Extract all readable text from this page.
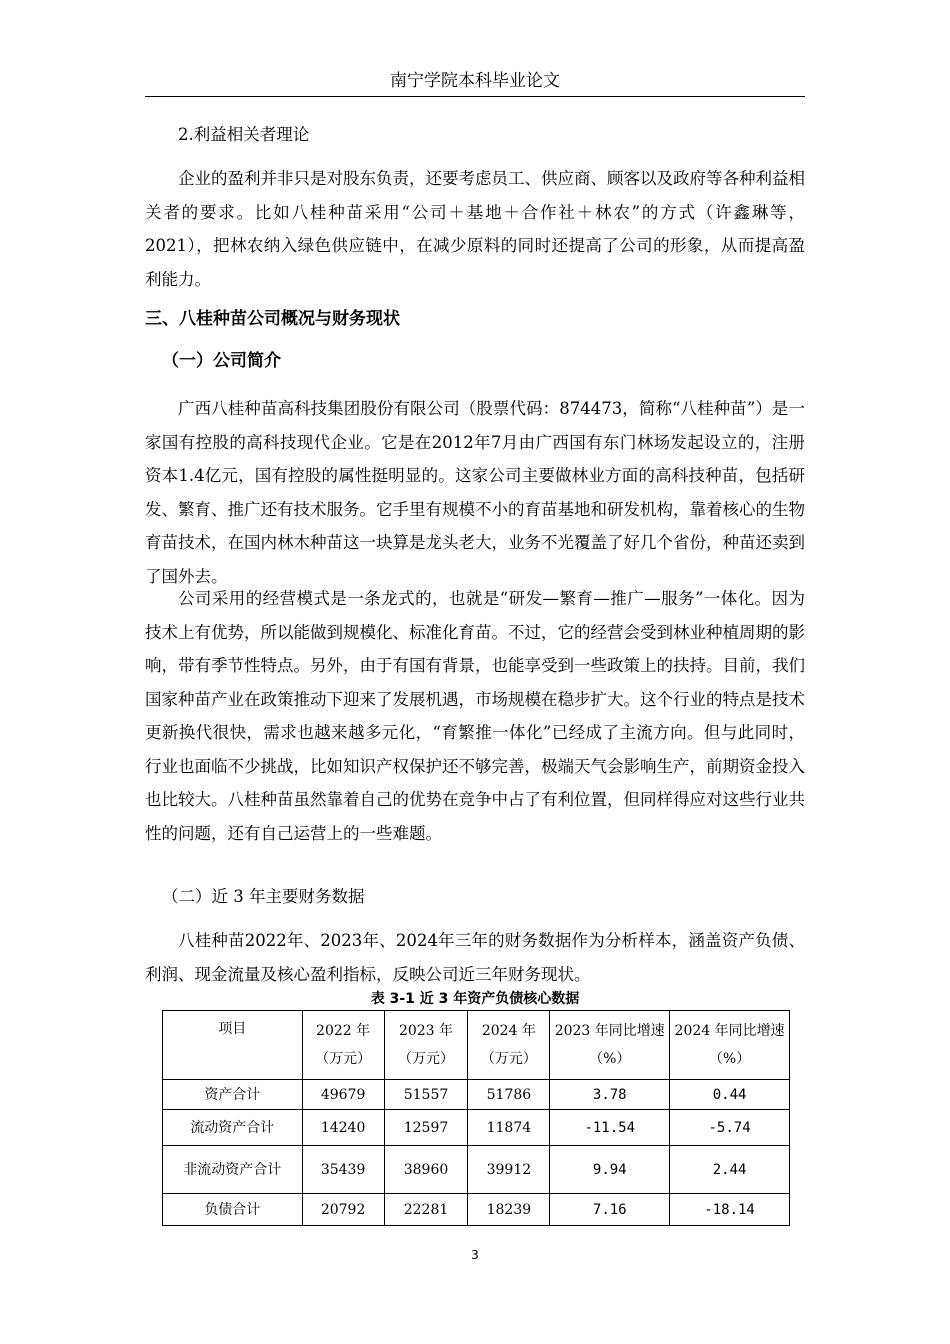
南宁学院本科毕业论文

2.利益相关者理论

企业的盈利并非只是对股东负责，还要考虑员工、供应商、顾客以及政府等各种利益相关者的要求。比如八桂种苗采用“公司＋基地＋合作社＋林农”的方式（许鑫琳等，2021），把林农纳入绿色供应链中，在减少原料的同时还提高了公司的形象，从而提高盈利能力。

三、八桂种苗公司概况与财务现状

（一）公司简介

广西八桂种苗高科技集团股份有限公司（股票代码：874473，简称“八桂种苗”）是一家国有控股的高科技现代企业。它是在2012年7月由广西国有东门林场发起设立的，注册资本1.4亿元，国有控股的属性挺明显的。这家公司主要做林业方面的高科技种苗，包括研发、繁育、推广还有技术服务。它手里有规模不小的育苗基地和研发机构，靠着核心的生物育苗技术，在国内林木种苗这一块算是龙头老大，业务不光覆盖了好几个省份，种苗还卖到了国外去。

公司采用的经营模式是一条龙式的，也就是“研发—繁育—推广—服务”一体化。因为技术上有优势，所以能做到规模化、标准化育苗。不过，它的经营会受到林业种植周期的影响，带有季节性特点。另外，由于有国有背景，也能享受到一些政策上的扶持。目前，我们国家种苗产业在政策推动下迎来了发展机遇，市场规模在稳步扩大。这个行业的特点是技术更新换代很快，需求也越来越多元化，“育繁推一体化”已经成了主流方向。但与此同时，行业也面临不少挑战，比如知识产权保护还不够完善，极端天气会影响生产，前期资金投入也比较大。八桂种苗虽然靠着自己的优势在竞争中占了有利位置，但同样得应对这些行业共性的问题，还有自己运营上的一些难题。

（二）近 3 年主要财务数据

八桂种苗2022年、2023年、2024年三年的财务数据作为分析样本，涵盖资产负债、利润、现金流量及核心盈利指标，反映公司近三年财务现状。

表 3-1 近 3 年资产负债核心数据
项目	2022 年（万元）	2023 年（万元）	2024 年（万元）	2023 年同比增速（%）	2024 年同比增速（%）
资产合计	49679	51557	51786	3.78	0.44
流动资产合计	14240	12597	11874	-11.54	-5.74
非流动资产合计	35439	38960	39912	9.94	2.44
负债合计	20792	22281	18239	7.16	-18.14
3
